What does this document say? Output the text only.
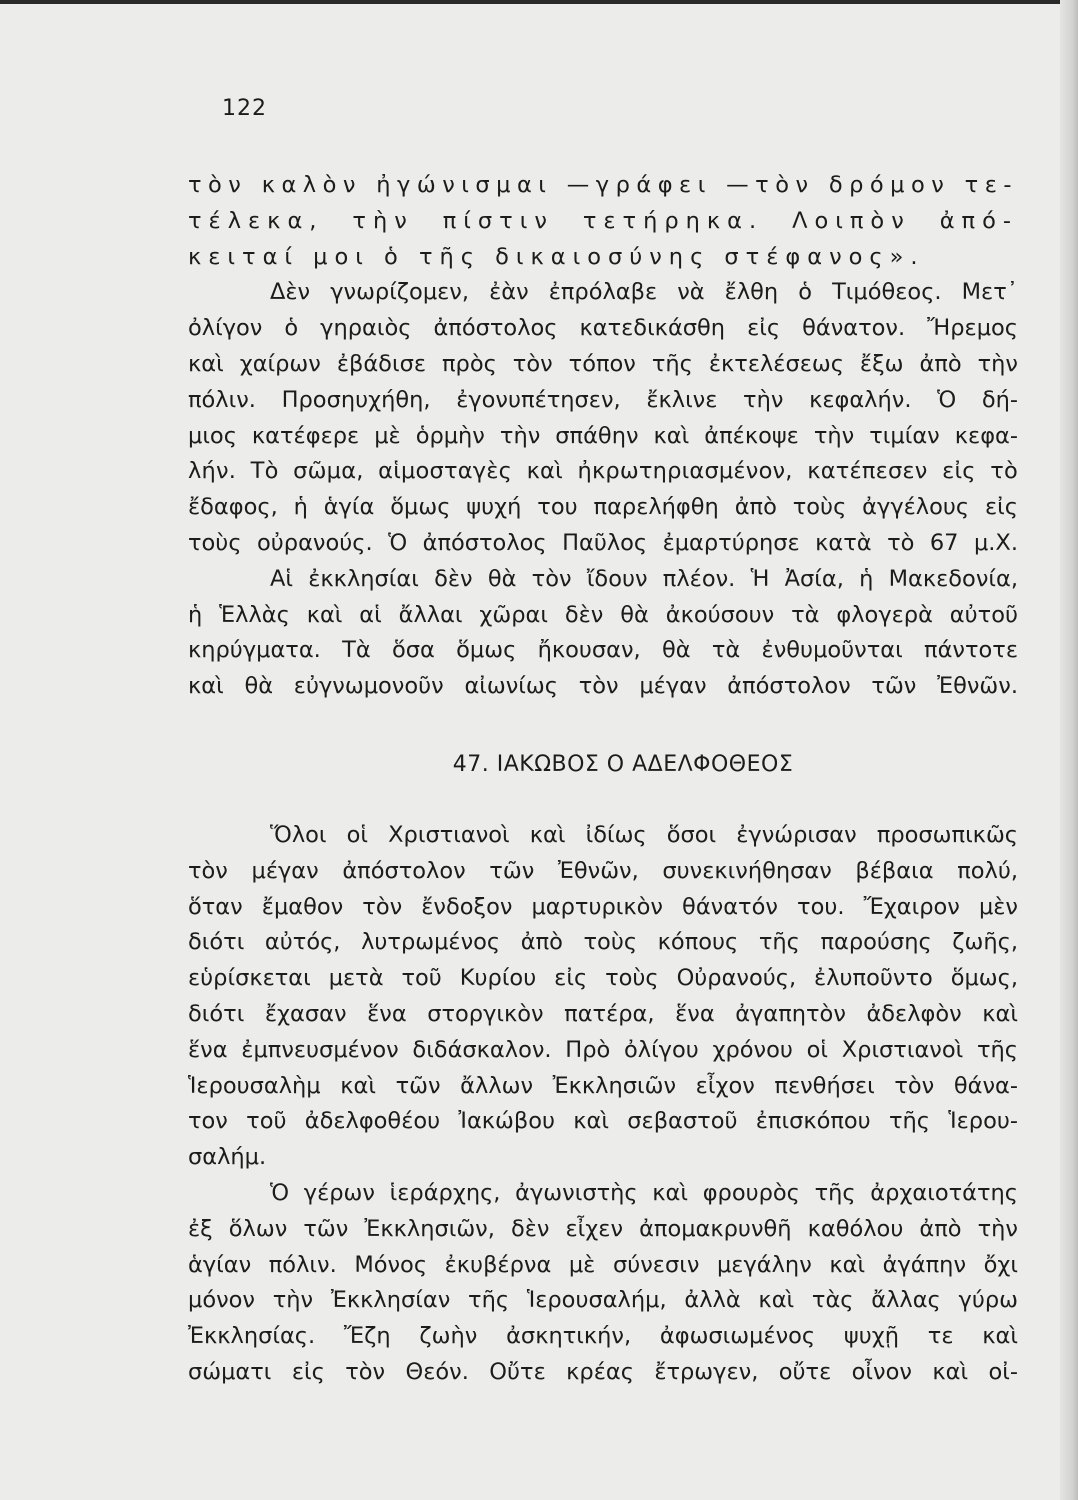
122
τὸν καλὸν ἠγώνισμαι —γράφει —τὸν δρόμον τε-
τέλεκα, τὴν πίστιν τετήρηκα. Λοιπὸν ἀπό-
κειταί μοι ὁ τῆς δικαιοσύνης στέφανος».
Δὲν γνωρίζομεν, ἐὰν ἐπρόλαβε νὰ ἔλθη ὁ Τιμόθεος. Μετ᾽
ὀλίγον ὁ γηραιὸς ἀπόστολος κατεδικάσθη εἰς θάνατον. Ἤρεμος
καὶ χαίρων ἐβάδισε πρὸς τὸν τόπον τῆς ἐκτελέσεως ἔξω ἀπὸ τὴν
πόλιν. Προσηυχήθη, ἐγονυπέτησεν, ἔκλινε τὴν κεφαλήν. Ὁ δή-
μιος κατέφερε μὲ ὁρμὴν τὴν σπάθην καὶ ἀπέκοψε τὴν τιμίαν κεφα-
λήν. Τὸ σῶμα, αἱμοσταγὲς καὶ ἠκρωτηριασμένον, κατέπεσεν εἰς τὸ
ἔδαφος, ἡ ἁγία ὅμως ψυχή του παρελήφθη ἀπὸ τοὺς ἀγγέλους εἰς
τοὺς οὐρανούς. Ὁ ἀπόστολος Παῦλος ἐμαρτύρησε κατὰ τὸ 67 μ.Χ.
Αἱ ἐκκλησίαι δὲν θὰ τὸν ἴδουν πλέον. Ἡ Ἀσία, ἡ Μακεδονία,
ἡ Ἑλλὰς καὶ αἱ ἄλλαι χῶραι δὲν θὰ ἀκούσουν τὰ φλογερὰ αὐτοῦ
κηρύγματα. Τὰ ὅσα ὅμως ἤκουσαν, θὰ τὰ ἐνθυμοῦνται πάντοτε
καὶ θὰ εὐγνωμονοῦν αἰωνίως τὸν μέγαν ἀπόστολον τῶν Ἐθνῶν.
47. ΙΑΚΩΒΟΣ Ο ΑΔΕΛΦΟΘΕΟΣ
Ὅλοι οἱ Χριστιανοὶ καὶ ἰδίως ὅσοι ἐγνώρισαν προσωπικῶς
τὸν μέγαν ἀπόστολον τῶν Ἐθνῶν, συνεκινήθησαν βέβαια πολύ,
ὅταν ἔμαθον τὸν ἔνδοξον μαρτυρικὸν θάνατόν του. Ἔχαιρον μὲν
διότι αὐτός, λυτρωμένος ἀπὸ τοὺς κόπους τῆς παρούσης ζωῆς,
εὑρίσκεται μετὰ τοῦ Κυρίου εἰς τοὺς Οὐρανούς, ἐλυποῦντο ὅμως,
διότι ἔχασαν ἕνα στοργικὸν πατέρα, ἕνα ἀγαπητὸν ἀδελφὸν καὶ
ἕνα ἐμπνευσμένον διδάσκαλον. Πρὸ ὀλίγου χρόνου οἱ Χριστιανοὶ τῆς
Ἱερουσαλὴμ καὶ τῶν ἄλλων Ἐκκλησιῶν εἶχον πενθήσει τὸν θάνα-
τον τοῦ ἀδελφοθέου Ἰακώβου καὶ σεβαστοῦ ἐπισκόπου τῆς Ἱερου-
σαλήμ.
Ὁ γέρων ἱεράρχης, ἀγωνιστὴς καὶ φρουρὸς τῆς ἀρχαιοτάτης
ἐξ ὅλων τῶν Ἐκκλησιῶν, δὲν εἶχεν ἀπομακρυνθῆ καθόλου ἀπὸ τὴν
ἁγίαν πόλιν. Μόνος ἐκυβέρνα μὲ σύνεσιν μεγάλην καὶ ἀγάπην ὄχι
μόνον τὴν Ἐκκλησίαν τῆς Ἱερουσαλήμ, ἀλλὰ καὶ τὰς ἄλλας γύρω
Ἐκκλησίας. Ἔζη ζωὴν ἀσκητικήν, ἀφωσιωμένος ψυχῇ τε καὶ
σώματι εἰς τὸν Θεόν. Οὔτε κρέας ἔτρωγεν, οὔτε οἶνον καὶ οἰ-
